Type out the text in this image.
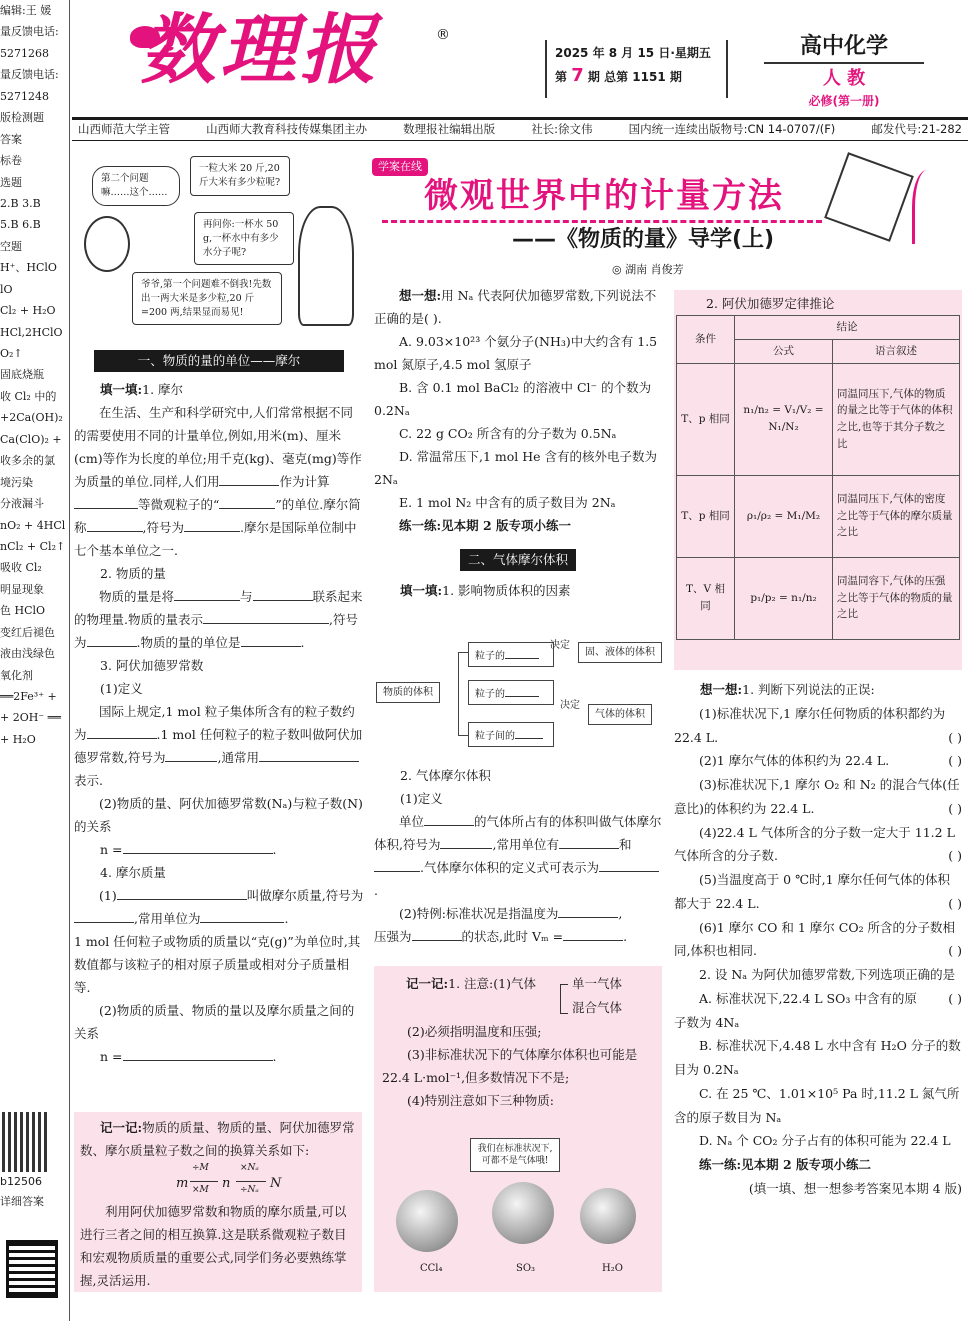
编辑:王 媛
量反馈电话:
5271268
量反馈电话:
5271248
版检测题
答案
标卷
选题
2.B 3.B
5.B 6.B
空题
H⁺、HClO
lO
Cl₂ + H₂O
HCl,2HClO
O₂↑
固底烧瓶
收 Cl₂ 中的
+2Ca(OH)₂
Ca(ClO)₂ +
收多余的氯
境污染
分液漏斗
nO₂ + 4HCl
nCl₂ + Cl₂↑
吸收 Cl₂
明显现象
色 HClO
变红后褪色
液由浅绿色
氧化剂
══2Fe³⁺ +
+ 2OH⁻ ══
+ H₂O
b12506
详细答案
数理报	®
2025 年 8 月 15 日·星期五
第 7 期 总第 1151 期
高中化学
人 教
必修(第一册)
山西师范大学主管	山西师大教育科技传媒集团主办	数理报社编辑出版	社长:徐文伟	国内统一连续出版物号:CN 14-0707/(F)	邮发代号:21-282
第二个问题嘛……这个……
一粒大米 20 斤,20 斤大米有多少粒呢?
再问你:一杯水 50 g,一杯水中有多少水分子呢?
爷爷,第一个问题难不倒我!先数出一两大米是多少粒,20 斤=200 两,结果显而易见!
一、物质的量的单位——摩尔
填一填:1. 摩尔

在生活、生产和科学研究中,人们常常根据不同的需要使用不同的计量单位,例如,用米(m)、厘米(cm)等作为长度的单位;用千克(kg)、毫克(mg)等作为质量的单位.同样,人们用	作为计算等微观粒子的“	”的单位.摩尔简称	,符号为	.摩尔是国际单位制中七个基本单位之一.

2. 物质的量

物质的量是将	与	联系起来的物理量.物质的量表示	,符号为	.物质的量的单位是	.

3. 阿伏加德罗常数
(1)定义

国际上规定,1 mol 粒子集体所含有的粒子数约为	.1 mol 任何粒子的粒子数叫做阿伏加德罗常数,符号为	,通常用表示.

(2)物质的量、阿伏加德罗常数(Nₐ)与粒子数(N)的关系

n =	.
4. 摩尔质量

(1)	叫做摩尔质量,符号为,常用单位为	.

1 mol 任何粒子或物质的质量以“克(g)”为单位时,其数值都与该粒子的相对原子质量或相对分子质量相等.

(2)物质的质量、物质的量以及摩尔质量之间的关系

n =	.
记一记:物质的质量、物质的量、阿伏加德罗常数、摩尔质量粒子数之间的换算关系如下:
m
÷M
×M n
×Nₐ
÷Nₐ N

利用阿伏加德罗常数和物质的摩尔质量,可以进行三者之间的相互换算.这是联系微观粒子数目和宏观物质质量的重要公式,同学们务必要熟练掌握,灵活运用.

学案在线
微观世界中的计量方法
——《物质的量》导学(上)
◎ 湖南 肖俊芳
想一想:用 Nₐ 代表阿伏加德罗常数,下列说法不正确的是( ).

A. 9.03×10²³ 个氨分子(NH₃)中大约含有 1.5 mol 氮原子,4.5 mol 氢原子

B. 含 0.1 mol BaCl₂ 的溶液中 Cl⁻ 的个数为 0.2Nₐ

C. 22 g CO₂ 所含有的分子数为 0.5Nₐ

D. 常温常压下,1 mol He 含有的核外电子数为 2Nₐ

E. 1 mol N₂ 中含有的质子数目为 2Nₐ

练一练:见本期 2 版专项小练一

二、气体摩尔体积
填一填:1. 影响物质体积的因素
物质的体积
粒子的
粒子的
粒子间的
决定
固、液体的体积
决定
气体的体积
2. 气体摩尔体积
(1)定义

单位	的气体所占有的体积叫做气体摩尔体积,符号为	,常用单位有	和.气体摩尔体积的定义式可表示为.

(2)特例:标准状况是指温度为	,

压强为	的状态,此时 Vₘ =	.
记一记:1. 注意:(1)气体	单一气体
混合气体

(2)必须指明温度和压强;

(3)非标准状况下的气体摩尔体积也可能是22.4 L·mol⁻¹,但多数情况下不是;

(4)特别注意如下三种物质:

我们在标准状况下,可都不是气体哦!
CCl₄	SO₃	H₂O
2. 阿伏加德罗定律推论
条件	结论	
	公式	语言叙述
T、p 相同	n₁/n₂ = V₁/V₂ = N₁/N₂	同温同压下,气体的物质的量之比等于气体的体积之比,也等于其分子数之比
T、p 相同	ρ₁/ρ₂ = M₁/M₂	同温同压下,气体的密度之比等于气体的摩尔质量之比
T、V 相同	p₁/p₂ = n₁/n₂	同温同容下,气体的压强之比等于气体的物质的量之比
想一想:1. 判断下列说法的正误:

(1)标准状况下,1 摩尔任何物质的体积都约为22.4 L.	( )

(2)1 摩尔气体的体积约为 22.4 L.	( )

(3)标准状况下,1 摩尔 O₂ 和 N₂ 的混合气体(任意比)的体积约为 22.4 L.	( )

(4)22.4 L 气体所含的分子数一定大于 11.2 L 气体所含的分子数.	( )

(5)当温度高于 0 ℃时,1 摩尔任何气体的体积都大于 22.4 L.	( )

(6)1 摩尔 CO 和 1 摩尔 CO₂ 所含的分子数相同,体积也相同.	( )

2. 设 Nₐ 为阿伏加德罗常数,下列选项正确的是
( )

A. 标准状况下,22.4 L SO₃ 中含有的原子数为 4Nₐ

B. 标准状况下,4.48 L 水中含有 H₂O 分子的数目为 0.2Nₐ

C. 在 25 ℃、1.01×10⁵ Pa 时,11.2 L 氮气所含的原子数目为 Nₐ

D. Nₐ 个 CO₂ 分子占有的体积可能为 22.4 L

练一练:见本期 2 版专项小练二

(填一填、想一想参考答案见本期 4 版)
